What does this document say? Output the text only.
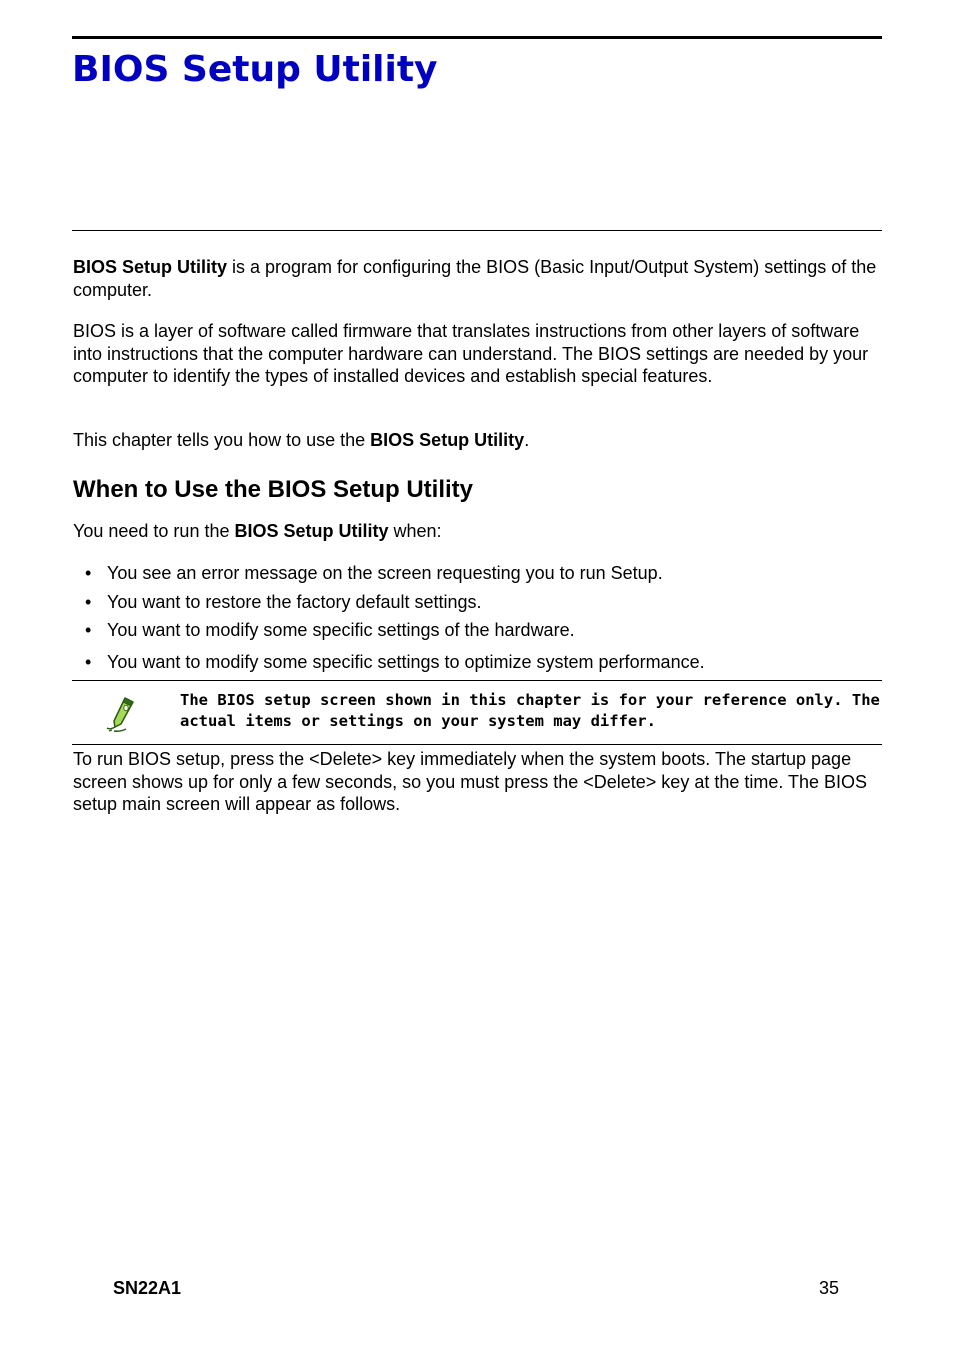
BIOS Setup Utility

BIOS Setup Utility is a program for configuring the BIOS (Basic Input/Output System) settings of the computer.

BIOS is a layer of software called firmware that translates instructions from other layers of software into instructions that the computer hardware can understand. The BIOS settings are needed by your computer to identify the types of installed devices and establish special features.

This chapter tells you how to use the BIOS Setup Utility.

When to Use the BIOS Setup Utility

You need to run the BIOS Setup Utility when:

• You see an error message on the screen requesting you to run Setup.
• You want to restore the factory default settings.
• You want to modify some specific settings of the hardware.
• You want to modify some specific settings to optimize system performance.

The BIOS setup screen shown in this chapter is for your reference only. The actual items or settings on your system may differ.

To run BIOS setup, press the <Delete> key immediately when the system boots. The startup page screen shows up for only a few seconds, so you must press the <Delete> key at the time. The BIOS setup main screen will appear as follows.

SN22A1	35
